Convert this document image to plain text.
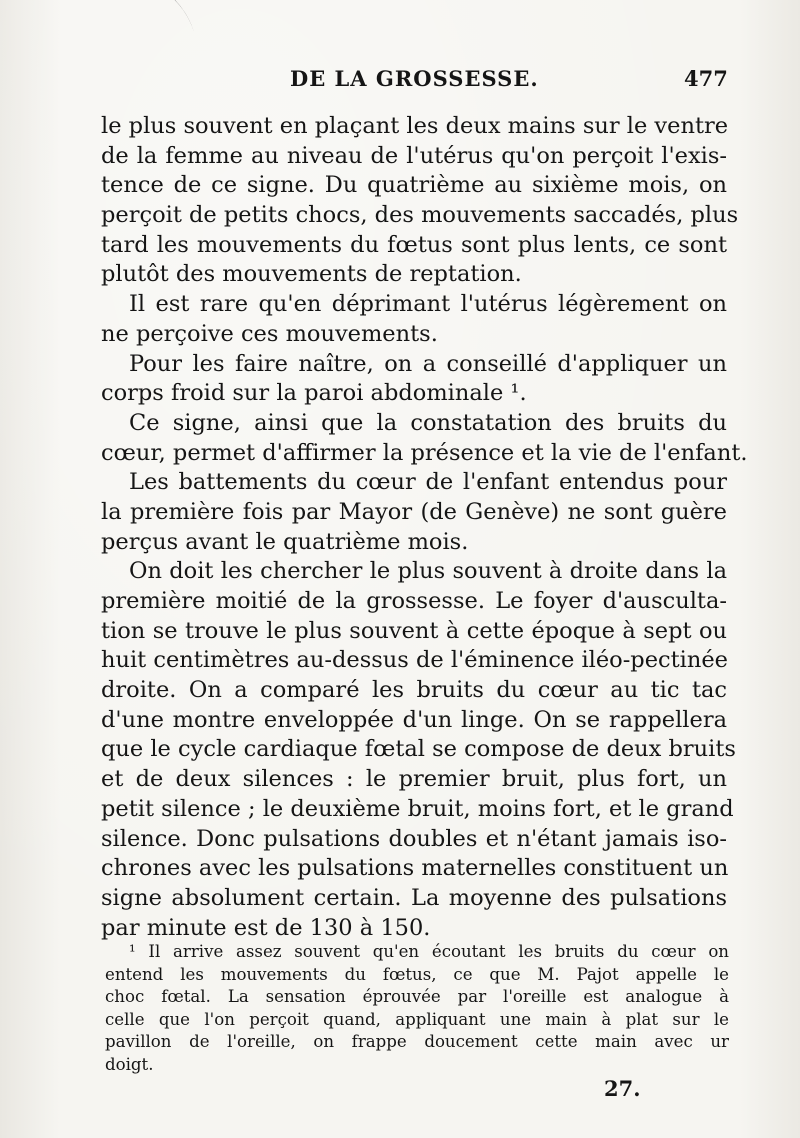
DE LA GROSSESSE.	477
le plus souvent en plaçant les deux mains sur le ventre
de la femme au niveau de l'utérus qu'on perçoit l'exis-
tence de ce signe. Du quatrième au sixième mois, on
perçoit de petits chocs, des mouvements saccadés, plus
tard les mouvements du fœtus sont plus lents, ce sont
plutôt des mouvements de reptation.
Il est rare qu'en déprimant l'utérus légèrement on
ne perçoive ces mouvements.
Pour les faire naître, on a conseillé d'appliquer un
corps froid sur la paroi abdominale ¹.
Ce signe, ainsi que la constatation des bruits du
cœur, permet d'affirmer la présence et la vie de l'enfant.
Les battements du cœur de l'enfant entendus pour
la première fois par Mayor (de Genève) ne sont guère
perçus avant le quatrième mois.
On doit les chercher le plus souvent à droite dans la
première moitié de la grossesse. Le foyer d'ausculta-
tion se trouve le plus souvent à cette époque à sept ou
huit centimètres au-dessus de l'éminence iléo-pectinée
droite. On a comparé les bruits du cœur au tic tac
d'une montre enveloppée d'un linge. On se rappellera
que le cycle cardiaque fœtal se compose de deux bruits
et de deux silences : le premier bruit, plus fort, un
petit silence ; le deuxième bruit, moins fort, et le grand
silence. Donc pulsations doubles et n'étant jamais iso-
chrones avec les pulsations maternelles constituent un
signe absolument certain. La moyenne des pulsations
par minute est de 130 à 150.
¹ Il arrive assez souvent qu'en écoutant les bruits du cœur on
entend les mouvements du fœtus, ce que M. Pajot appelle le
choc fœtal. La sensation éprouvée par l'oreille est analogue à
celle que l'on perçoit quand, appliquant une main à plat sur le
pavillon de l'oreille, on frappe doucement cette main avec ur
doigt.
27.
